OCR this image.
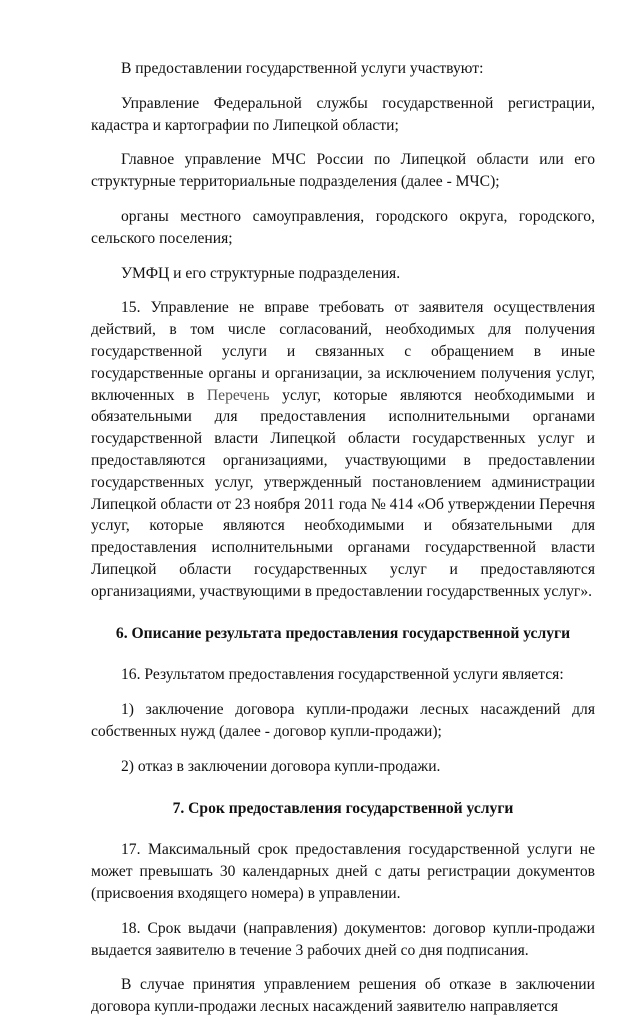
В предоставлении государственной услуги участвуют:

Управление Федеральной службы государственной регистрации, кадастра и картографии по Липецкой области;

Главное управление МЧС России по Липецкой области или его структурные территориальные подразделения (далее - МЧС);

органы местного самоуправления, городского округа, городского, сельского поселения;

УМФЦ и его структурные подразделения.

15. Управление не вправе требовать от заявителя осуществления действий, в том числе согласований, необходимых для получения государственной услуги и связанных с обращением в иные государственные органы и организации, за исключением получения услуг, включенных в Перечень услуг, которые являются необходимыми и обязательными для предоставления исполнительными органами государственной власти Липецкой области государственных услуг и предоставляются организациями, участвующими в предоставлении государственных услуг, утвержденный постановлением администрации Липецкой области от 23 ноября 2011 года № 414 «Об утверждении Перечня услуг, которые являются необходимыми и обязательными для предоставления исполнительными органами государственной власти Липецкой области государственных услуг и предоставляются организациями, участвующими в предоставлении государственных услуг».

6. Описание результата предоставления государственной услуги

16. Результатом предоставления государственной услуги является:

1) заключение договора купли-продажи лесных насаждений для собственных нужд (далее - договор купли-продажи);

2) отказ в заключении договора купли-продажи.

7. Срок предоставления государственной услуги

17. Максимальный срок предоставления государственной услуги не может превышать 30 календарных дней с даты регистрации документов (присвоения входящего номера) в управлении.

18. Срок выдачи (направления) документов: договор купли-продажи выдается заявителю в течение 3 рабочих дней со дня подписания.

В случае принятия управлением решения об отказе в заключении договора купли-продажи лесных насаждений заявителю направляется
